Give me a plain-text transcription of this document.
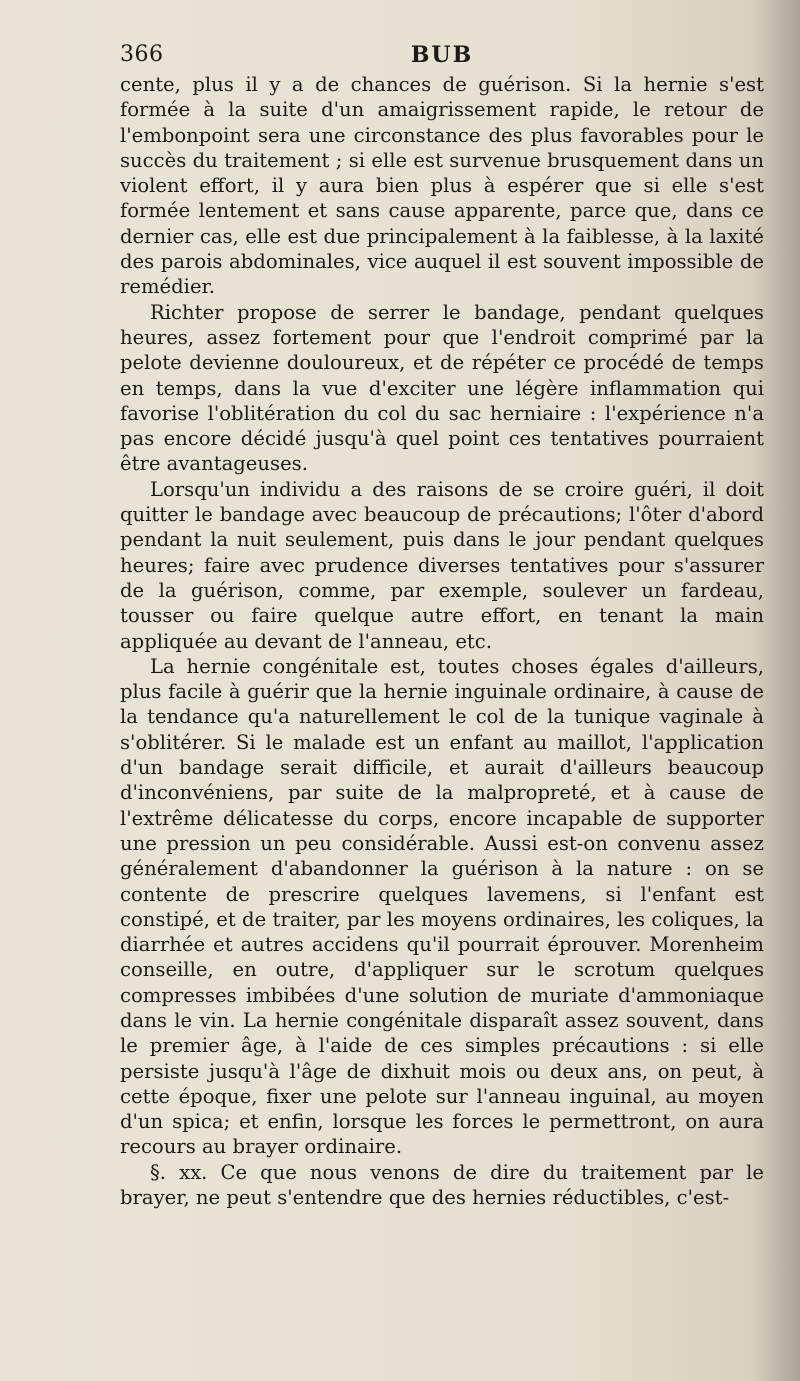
366	BUB

cente, plus il y a de chances de guérison. Si la hernie s'est formée à la suite d'un amaigrissement rapide, le retour de l'embonpoint sera une circonstance des plus favorables pour le succès du traitement ; si elle est survenue brusquement dans un violent effort, il y aura bien plus à espérer que si elle s'est formée lentement et sans cause apparente, parce que, dans ce dernier cas, elle est due principalement à la faiblesse, à la laxité des parois abdominales, vice auquel il est souvent impossible de remédier.

Richter propose de serrer le bandage, pendant quelques heures, assez fortement pour que l'endroit comprimé par la pelote devienne douloureux, et de répéter ce procédé de temps en temps, dans la vue d'exciter une légère inflammation qui favorise l'oblitération du col du sac herniaire : l'expérience n'a pas encore décidé jusqu'à quel point ces tentatives pourraient être avantageuses.

Lorsqu'un individu a des raisons de se croire guéri, il doit quitter le bandage avec beaucoup de précautions; l'ôter d'abord pendant la nuit seulement, puis dans le jour pendant quelques heures; faire avec prudence diverses tentatives pour s'assurer de la guérison, comme, par exemple, soulever un fardeau, tousser ou faire quelque autre effort, en tenant la main appliquée au devant de l'anneau, etc.

La hernie congénitale est, toutes choses égales d'ailleurs, plus facile à guérir que la hernie inguinale ordinaire, à cause de la tendance qu'a naturellement le col de la tunique vaginale à s'oblitérer. Si le malade est un enfant au maillot, l'application d'un bandage serait difficile, et aurait d'ailleurs beaucoup d'inconvéniens, par suite de la malpropreté, et à cause de l'extrême délicatesse du corps, encore incapable de supporter une pression un peu considérable. Aussi est-on convenu assez généralement d'abandonner la guérison à la nature : on se contente de prescrire quelques lavemens, si l'enfant est constipé, et de traiter, par les moyens ordinaires, les coliques, la diarrhée et autres accidens qu'il pourrait éprouver. Morenheim conseille, en outre, d'appliquer sur le scrotum quelques compresses imbibées d'une solution de muriate d'ammoniaque dans le vin. La hernie congénitale disparaît assez souvent, dans le premier âge, à l'aide de ces simples précautions : si elle persiste jusqu'à l'âge de dixhuit mois ou deux ans, on peut, à cette époque, fixer une pelote sur l'anneau inguinal, au moyen d'un spica; et enfin, lorsque les forces le permettront, on aura recours au brayer ordinaire.

§. xx. Ce que nous venons de dire du traitement par le brayer, ne peut s'entendre que des hernies réductibles, c'est-
